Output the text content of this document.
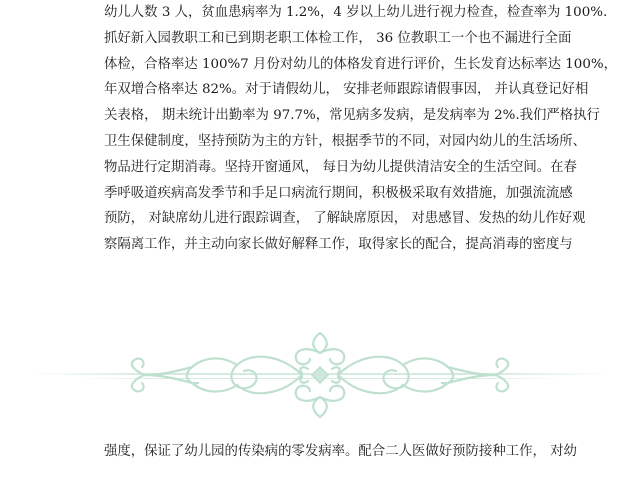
幼儿人数 3 人，贫血患病率为 1.2%，4 岁以上幼儿进行视力检查，检查率为 100%.
抓好新入园教职工和已到期老职工体检工作， 36 位教职工一个也不漏进行全面
体检，合格率达 100%7 月份对幼儿的体格发育进行评价，生长发育达标率达 100%，
年双增合格率达 82%。对于请假幼儿， 安排老师跟踪请假事因， 并认真登记好相
关表格， 期未统计出勤率为 97.7%，常见病多发病，是发病率为 2%.我们严格执行
卫生保健制度，坚持预防为主的方针，根据季节的不同，对园内幼儿的生活场所、
物品进行定期消毒。坚持开窗通风， 每日为幼儿提供清洁安全的生活空间。在春
季呼吸道疾病高发季节和手足口病流行期间，积极极采取有效措施，加强流流感
预防， 对缺席幼儿进行跟踪调查， 了解缺席原因， 对患感冒、发热的幼儿作好观
察隔离工作，并主动向家长做好解释工作，取得家长的配合，提高消毒的密度与
强度，保证了幼儿园的传染病的零发病率。配合二人医做好预防接种工作， 对幼
